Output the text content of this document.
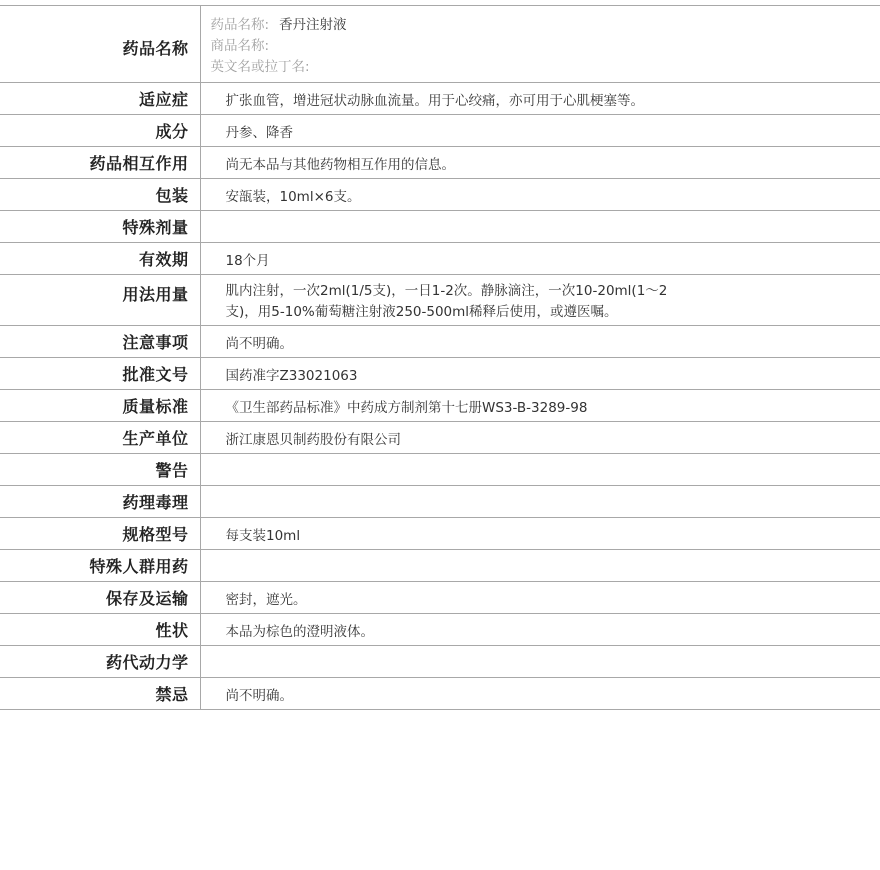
药品名称	药品名称: 香丹注射液
商品名称:
英文名或拉丁名:

适应症	扩张血管，增进冠状动脉血流量。用于心绞痛，亦可用于心肌梗塞等。
成分	丹参、降香
药品相互作用	尚无本品与其他药物相互作用的信息。
包装	安瓿装，10ml×6支。
特殊剂量	
有效期	18个月
用法用量	肌内注射，一次2ml(1/5支)，一日1-2次。静脉滴注，一次10-20ml(1～2支)，用5-10%葡萄糖注射液250-500ml稀释后使用，或遵医嘱。
注意事项	尚不明确。
批准文号	国药准字Z33021063
质量标准	《卫生部药品标准》中药成方制剂第十七册WS3-B-3289-98
生产单位	浙江康恩贝制药股份有限公司
警告	
药理毒理	
规格型号	每支装10ml
特殊人群用药	
保存及运输	密封，遮光。
性状	本品为棕色的澄明液体。
药代动力学	
禁忌	尚不明确。
